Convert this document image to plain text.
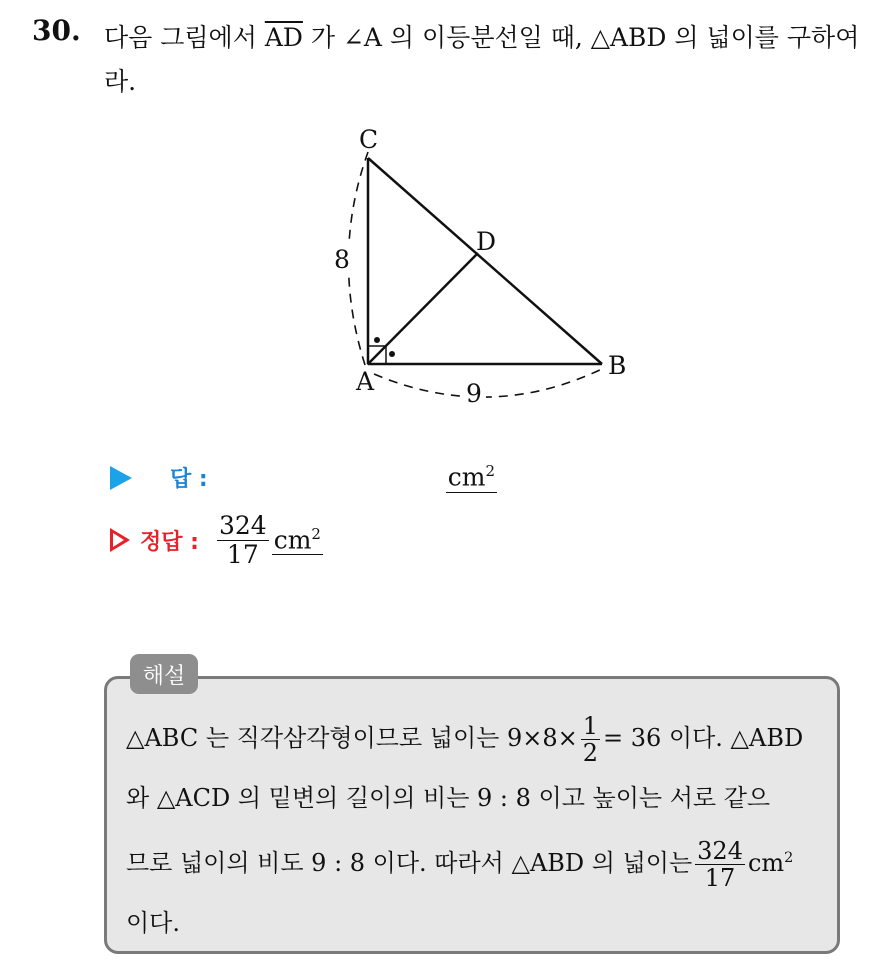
30. 다음 그림에서 $\overline{AD}$ 가 ∠A 의 이등분선일 때, △ABD 의 넓이를 구하여라.
C
D
A
B
8
9
답 :	$cm^2$
정답 : $\frac{324}{17} cm^2$
해설
△ABC 는 직각삼각형이므로 넓이는 $9\times 8\times \frac{1}{2} = 36$ 이다. △ABD
와 △ACD 의 밑변의 길이의 비는 9 : 8 이고 높이는 서로 같으
므로 넓이의 비도 9 : 8 이다. 따라서 △ABD 의 넓이는 $\frac{324}{17} cm^2$
이다.
